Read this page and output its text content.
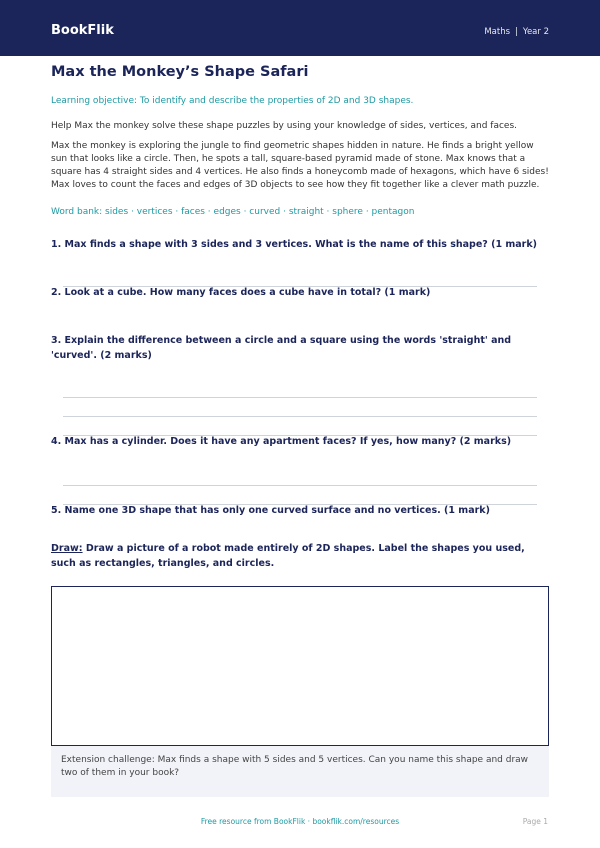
BookFlik	Maths | Year 2
Max the Monkey’s Shape Safari
Learning objective: To identify and describe the properties of 2D and 3D shapes.
Help Max the monkey solve these shape puzzles by using your knowledge of sides, vertices, and faces.
Max the monkey is exploring the jungle to find geometric shapes hidden in nature. He finds a bright yellow sun that looks like a circle. Then, he spots a tall, square-based pyramid made of stone. Max knows that a square has 4 straight sides and 4 vertices. He also finds a honeycomb made of hexagons, which have 6 sides! Max loves to count the faces and edges of 3D objects to see how they fit together like a clever math puzzle.
Word bank: sides · vertices · faces · edges · curved · straight · sphere · pentagon
1. Max finds a shape with 3 sides and 3 vertices. What is the name of this shape? (1 mark)
2. Look at a cube. How many faces does a cube have in total? (1 mark)
3. Explain the difference between a circle and a square using the words 'straight' and 'curved'. (2 marks)
4. Max has a cylinder. Does it have any apartment faces? If yes, how many? (2 marks)
5. Name one 3D shape that has only one curved surface and no vertices. (1 mark)
Draw: Draw a picture of a robot made entirely of 2D shapes. Label the shapes you used, such as rectangles, triangles, and circles.
Extension challenge: Max finds a shape with 5 sides and 5 vertices. Can you name this shape and draw two of them in your book?
Free resource from BookFlik · bookflik.com/resources	Page 1
